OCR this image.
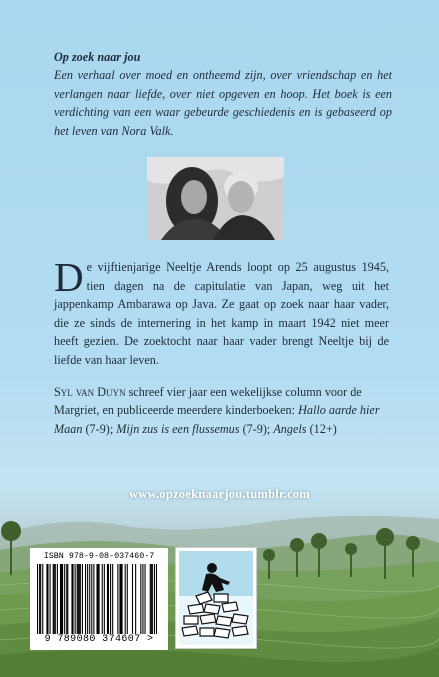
Op zoek naar jou

Een verhaal over moed en ontheemd zijn, over vriendschap en het verlangen naar liefde, over niet opgeven en hoop. Het boek is een verdichting van een waar gebeurde geschiedenis en is gebaseerd op het leven van Nora Valk.

De vijftienjarige Neeltje Arends loopt op 25 augustus 1945, tien dagen na de capitulatie van Japan, weg uit het jappenkamp Ambarawa op Java. Ze gaat op zoek naar haar vader, die ze sinds de internering in het kamp in maart 1942 niet meer heeft gezien. De zoektocht naar haar vader brengt Neeltje bij de liefde van haar leven.

Syl van Duyn schreef vier jaar een wekelijkse column voor de Margriet, en publiceerde meerdere kinderboeken: Hallo aarde hier Maan (7-9); Mijn zus is een flussemus (7-9); Angels (12+)

www.opzoeknaarjou.tumblr.com
ISBN 978-9-08-037460-7
9 789080 374607 >
